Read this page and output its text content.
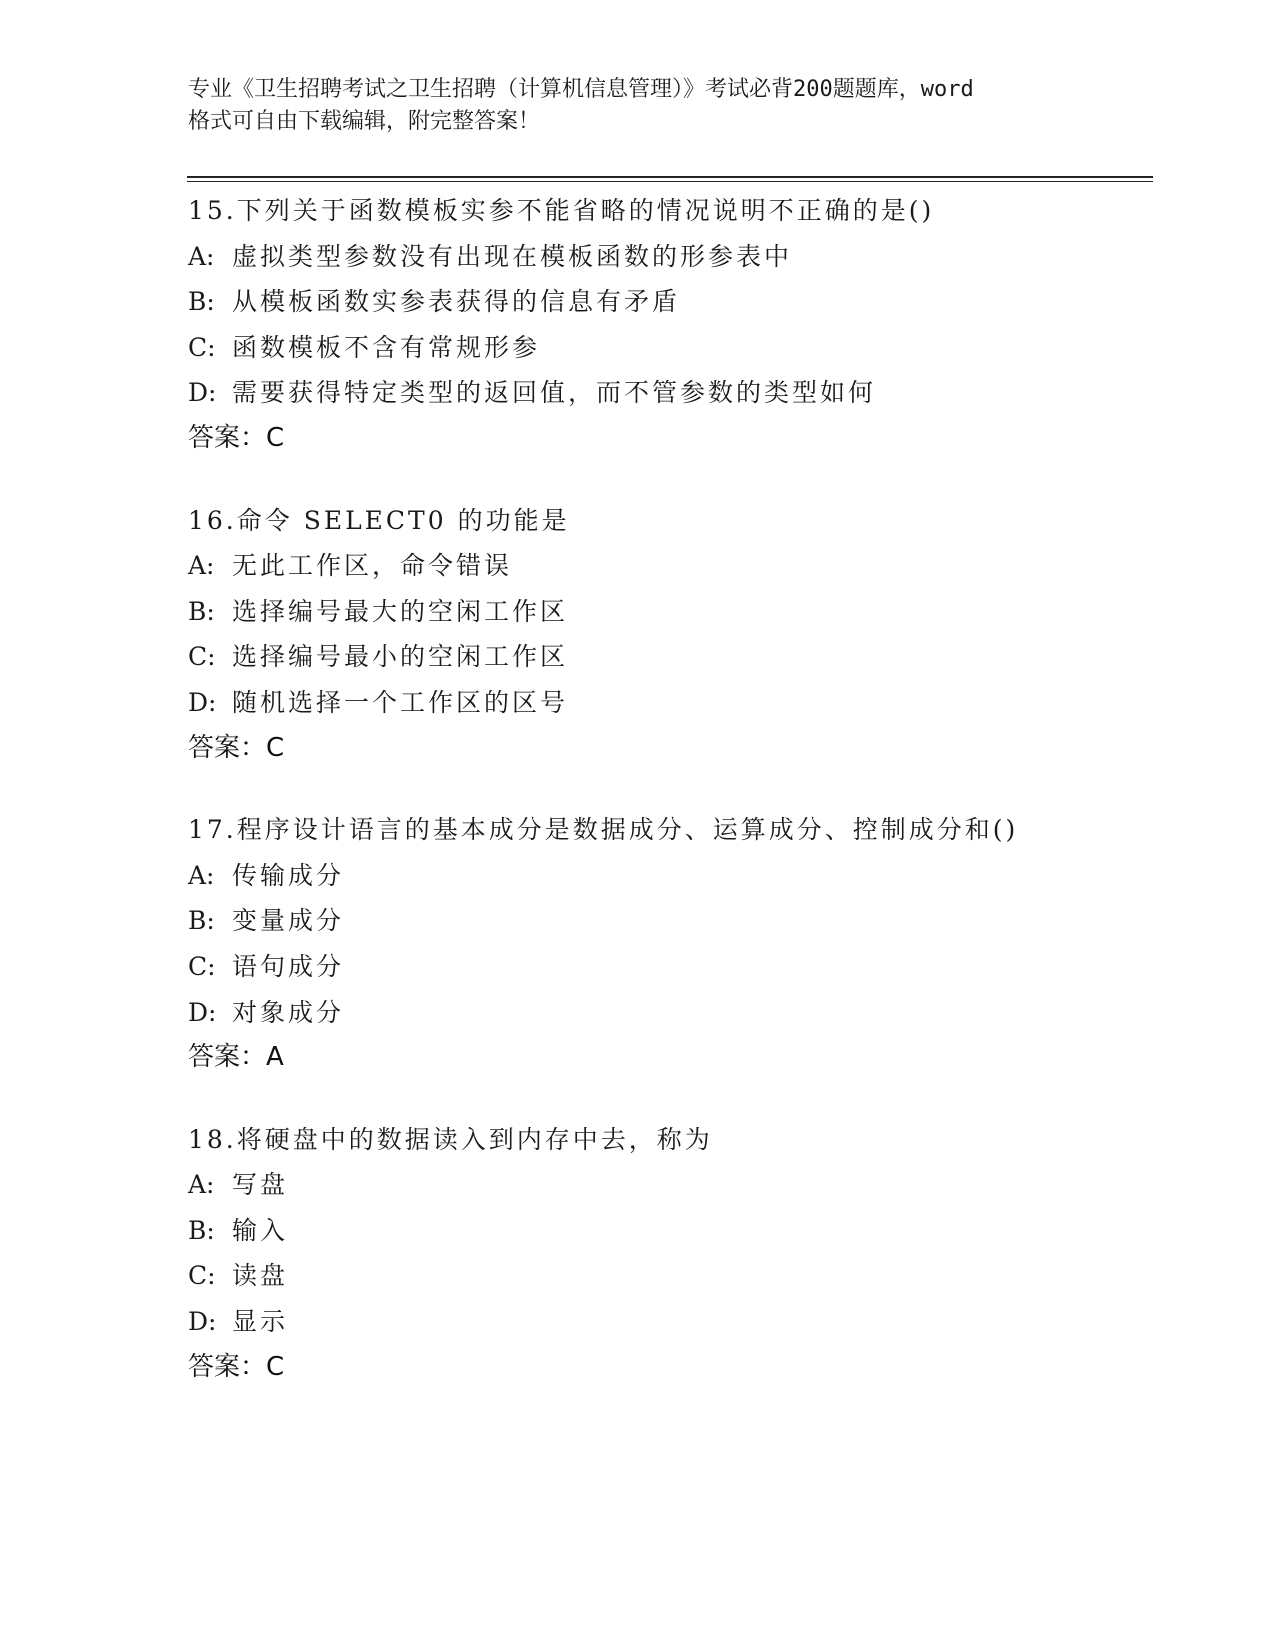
专业《卫生招聘考试之卫生招聘（计算机信息管理）》考试必背200题题库，word
格式可自由下载编辑，附完整答案！
15.下列关于函数模板实参不能省略的情况说明不正确的是()
A: 虚拟类型参数没有出现在模板函数的形参表中
B: 从模板函数实参表获得的信息有矛盾
C: 函数模板不含有常规形参
D: 需要获得特定类型的返回值，而不管参数的类型如何
答案：C
16.命令 SELECT0 的功能是
A: 无此工作区，命令错误
B: 选择编号最大的空闲工作区
C: 选择编号最小的空闲工作区
D: 随机选择一个工作区的区号
答案：C
17.程序设计语言的基本成分是数据成分、运算成分、控制成分和()
A: 传输成分
B: 变量成分
C: 语句成分
D: 对象成分
答案：A
18.将硬盘中的数据读入到内存中去，称为
A: 写盘
B: 输入
C: 读盘
D: 显示
答案：C
